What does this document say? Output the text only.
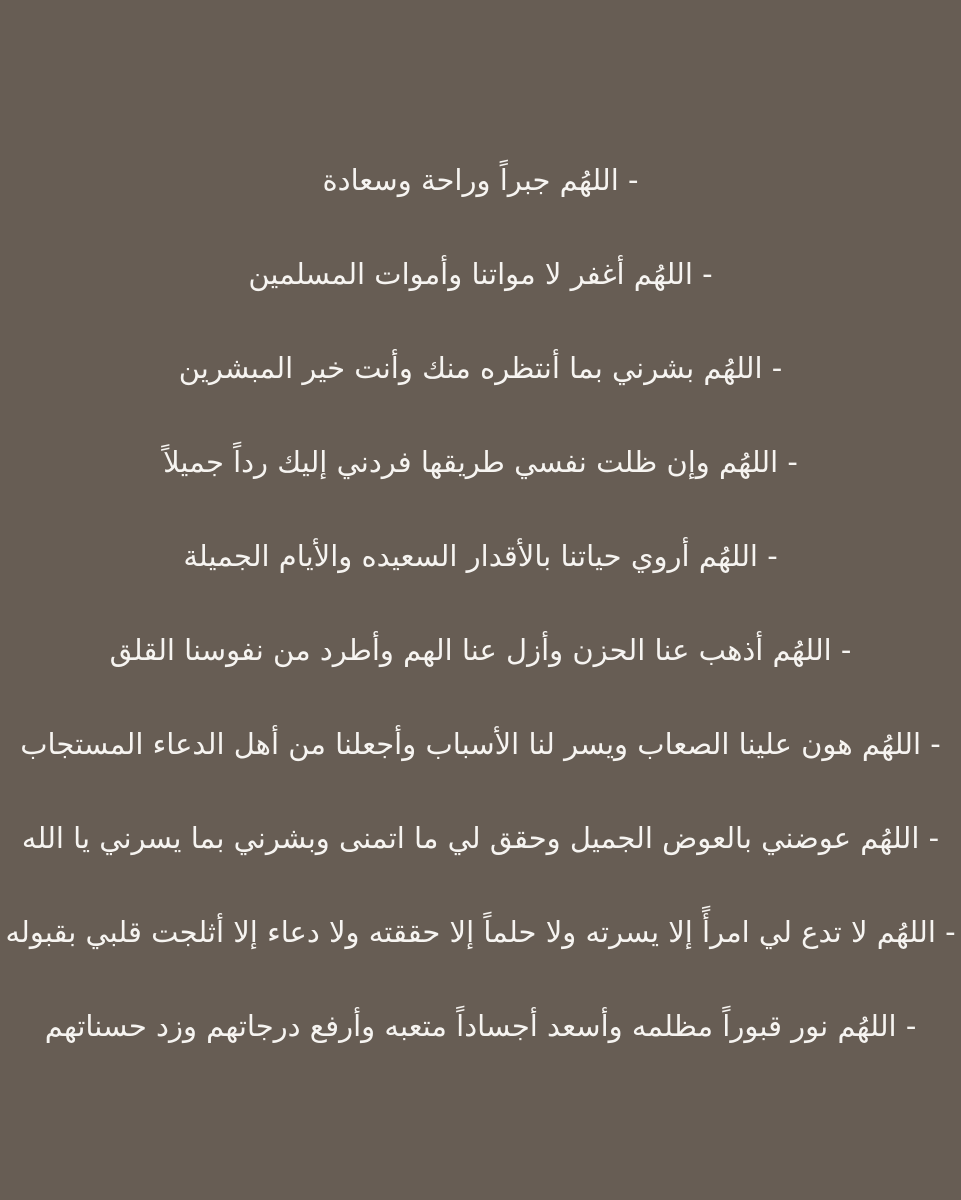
- اللهُم جبراً وراحة وسعادة
- اللهُم أغفر لا مواتنا وأموات المسلمين
- اللهُم بشرني بما أنتظره منك وأنت خير المبشرين
- اللهُم وإن ظلت نفسي طريقها فردني إليك رداً جميلاً
- اللهُم أروي حياتنا بالأقدار السعيده والأيام الجميلة
- اللهُم أذهب عنا الحزن وأزل عنا الهم وأطرد من نفوسنا القلق
- اللهُم هون علينا الصعاب ويسر لنا الأسباب وأجعلنا من أهل الدعاء المستجاب
- اللهُم عوضني بالعوض الجميل وحقق لي ما اتمنى وبشرني بما يسرني يا الله
- اللهُم لا تدع لي امرأً إلا يسرته ولا حلماً إلا حققته ولا دعاء إلا أثلجت قلبي بقبوله
- اللهُم نور قبوراً مظلمه وأسعد أجساداً متعبه وأرفع درجاتهم وزد حسناتهم
